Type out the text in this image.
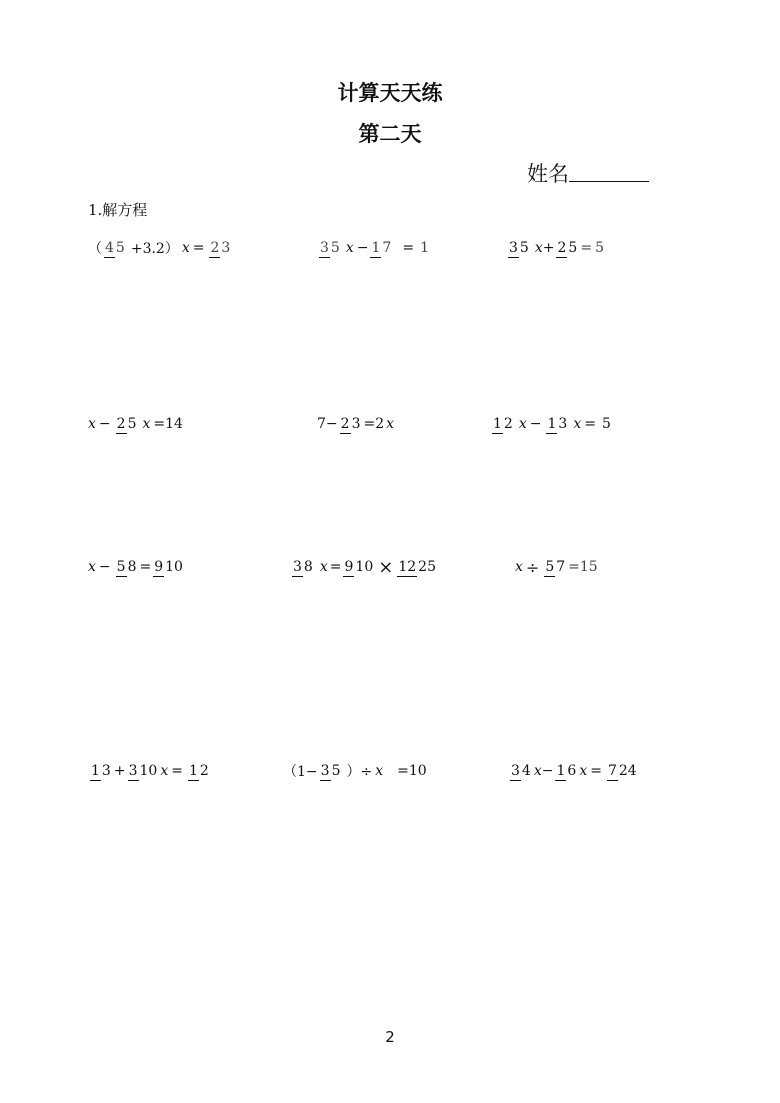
计算天天练
第二天
姓名
1.解方程
（ 4 5 +3.2） x = 2 3	3 5 x − 1 7 = 1	3 5 x + 2 5 = 5
x − 2 5 x =14	7− 2 3 =2 x	1 2 x − 1 3 x = 5
x − 5 8 = 9 10	3 8 x = 9 10 × 12 25	x ÷ 5 7 =15
1 3 + 3 10 x = 1 2	（1− 3 5 ）÷ x =10	3 4 x − 1 6 x = 7 24
2
